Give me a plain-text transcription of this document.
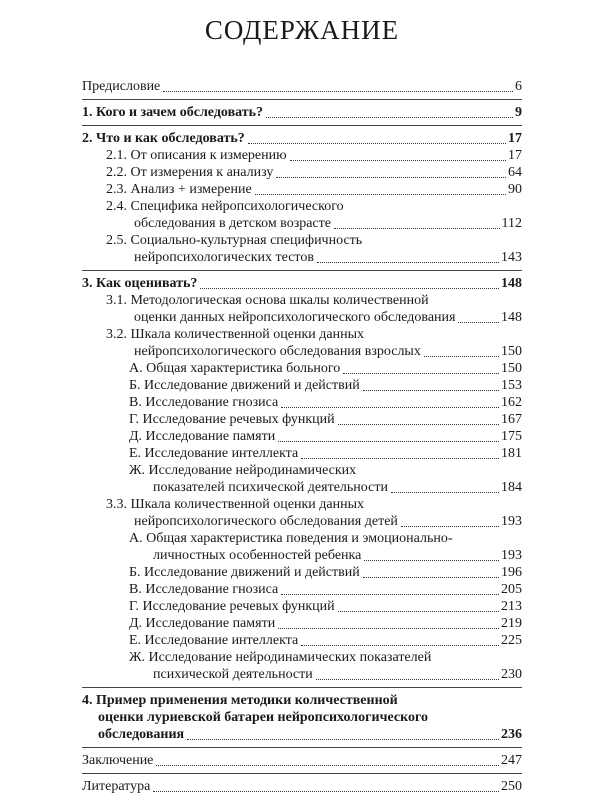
СОДЕРЖАНИЕ
Предисловие	6
1. Кого и зачем обследовать?	9
2. Что и как обследовать?	17
2.1. От описания к измерению	17
2.2. От измерения к анализу	64
2.3. Анализ + измерение	90
2.4. Специфика нейропсихологического
обследования в детском возрасте	112
2.5. Социально-культурная специфичность
нейропсихологических тестов	143
3. Как оценивать?	148
3.1. Методологическая основа шкалы количественной
оценки данных нейропсихологического обследования	148
3.2. Шкала количественной оценки данных
нейропсихологического обследования взрослых	150
А. Общая характеристика больного	150
Б. Исследование движений и действий	153
В. Исследование гнозиса	162
Г. Исследование речевых функций	167
Д. Исследование памяти	175
Е. Исследование интеллекта	181
Ж. Исследование нейродинамических
показателей психической деятельности	184
3.3. Шкала количественной оценки данных
нейропсихологического обследования детей	193
А. Общая характеристика поведения и эмоционально-
личностных особенностей ребенка	193
Б. Исследование движений и действий	196
В. Исследование гнозиса	205
Г. Исследование речевых функций	213
Д. Исследование памяти	219
Е. Исследование интеллекта	225
Ж. Исследование нейродинамических показателей
психической деятельности	230
4. Пример применения методики количественной
оценки луриевской батареи нейропсихологического
обследования	236
Заключение	247
Литература	250
